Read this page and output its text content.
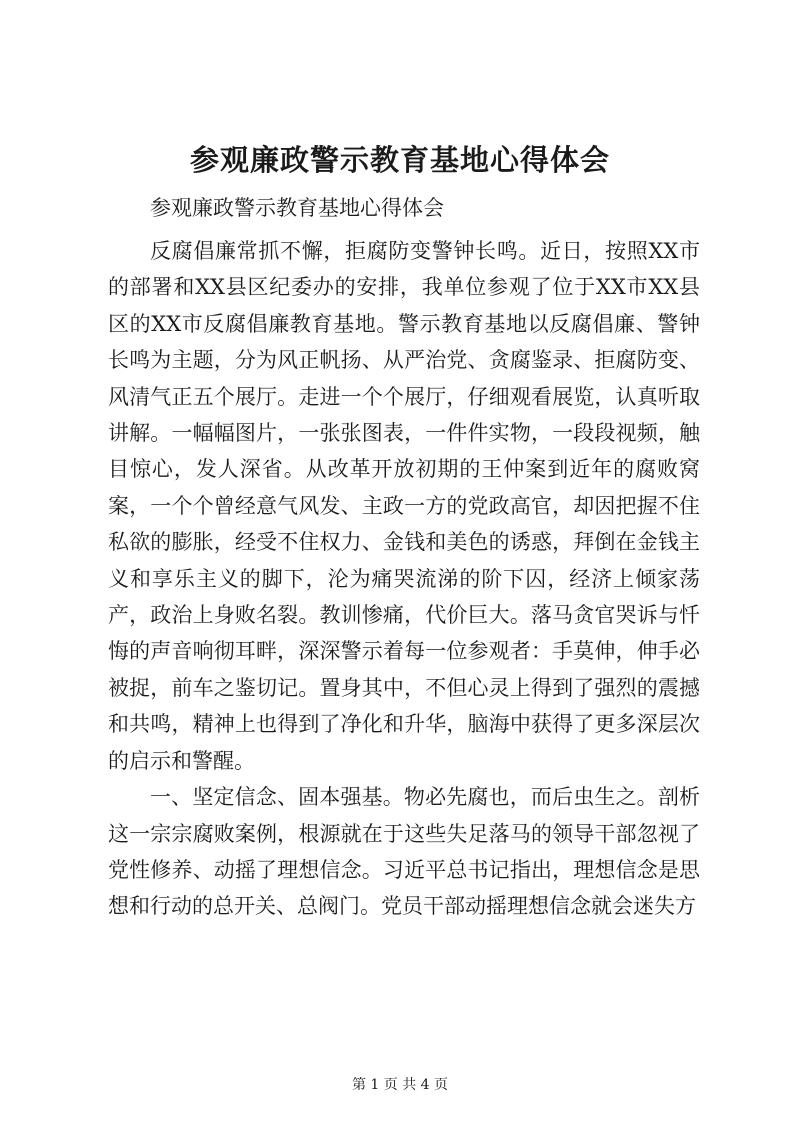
参观廉政警示教育基地心得体会
参观廉政警示教育基地心得体会

反腐倡廉常抓不懈，拒腐防变警钟长鸣。近日，按照XX市的部署和XX县区纪委办的安排，我单位参观了位于XX市XX县区的XX市反腐倡廉教育基地。警示教育基地以反腐倡廉、警钟长鸣为主题，分为风正帆扬、从严治党、贪腐鉴录、拒腐防变、风清气正五个展厅。走进一个个展厅，仔细观看展览，认真听取讲解。一幅幅图片，一张张图表，一件件实物，一段段视频，触目惊心，发人深省。从改革开放初期的王仲案到近年的腐败窝案，一个个曾经意气风发、主政一方的党政高官，却因把握不住私欲的膨胀，经受不住权力、金钱和美色的诱惑，拜倒在金钱主义和享乐主义的脚下，沦为痛哭流涕的阶下囚，经济上倾家荡产，政治上身败名裂。教训惨痛，代价巨大。落马贪官哭诉与忏悔的声音响彻耳畔，深深警示着每一位参观者：手莫伸，伸手必被捉，前车之鉴切记。置身其中，不但心灵上得到了强烈的震撼和共鸣，精神上也得到了净化和升华，脑海中获得了更多深层次的启示和警醒。

一、坚定信念、固本强基。物必先腐也，而后虫生之。剖析这一宗宗腐败案例，根源就在于这些失足落马的领导干部忽视了党性修养、动摇了理想信念。习近平总书记指出，理想信念是思想和行动的总开关、总阀门。党员干部动摇理想信念就会迷失方

第 1 页 共 4 页
